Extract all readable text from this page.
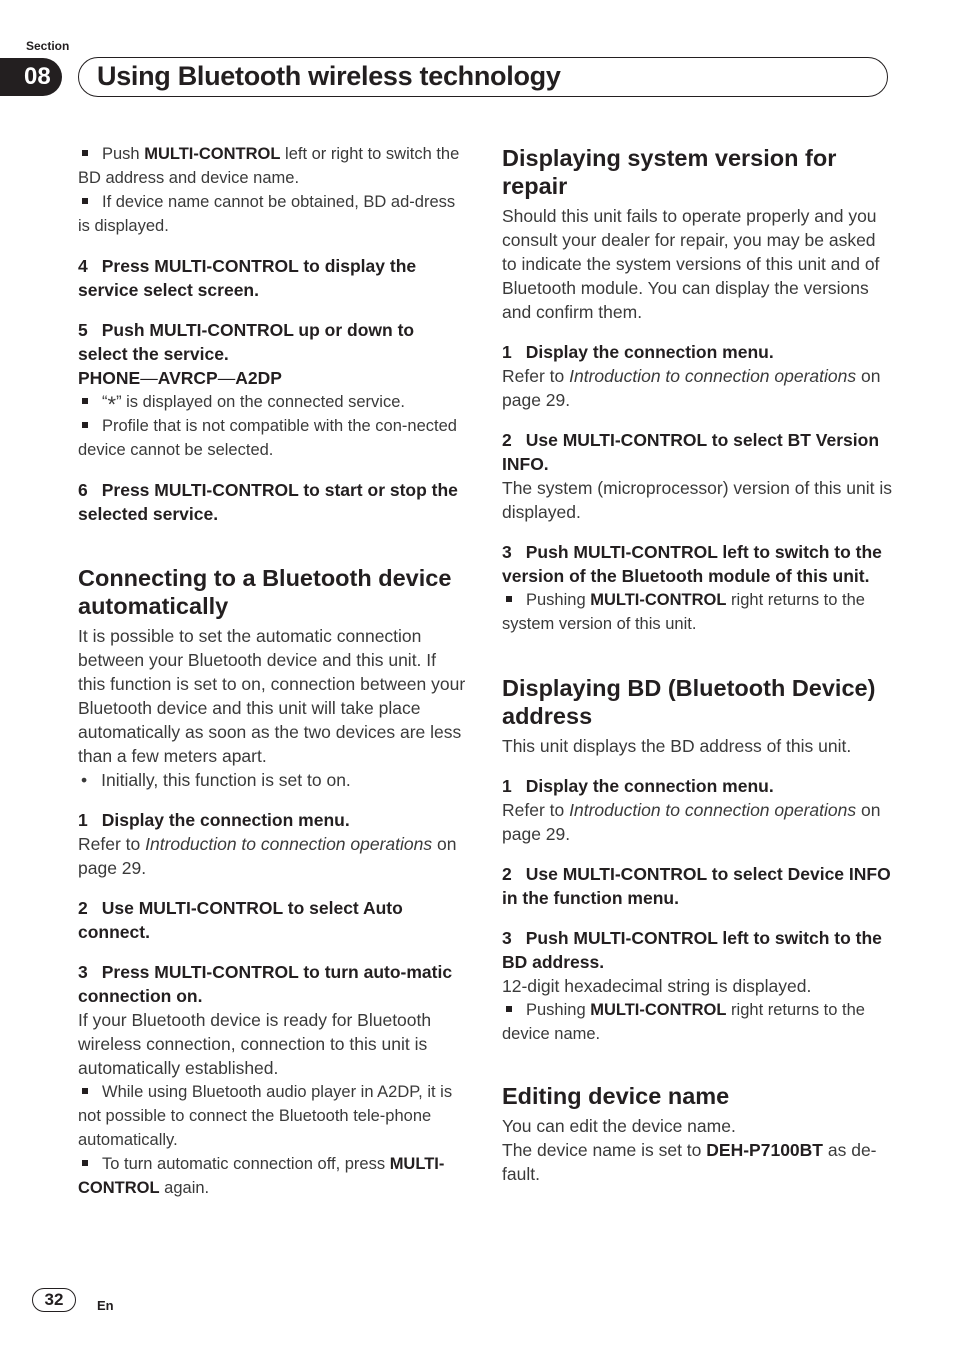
Section
08	Using Bluetooth wireless technology

Push MULTI-CONTROL left or right to switch the BD address and device name.

If device name cannot be obtained, BD ad-dress is displayed.

4 Press MULTI-CONTROL to display the service select screen.

5 Push MULTI-CONTROL up or down to select the service.

PHONE—AVRCP—A2DP

“*” is displayed on the connected service.

Profile that is not compatible with the con-nected device cannot be selected.

6 Press MULTI-CONTROL to start or stop the selected service.

Connecting to a Bluetooth device automatically

It is possible to set the automatic connection between your Bluetooth device and this unit. If this function is set to on, connection between your Bluetooth device and this unit will take place automatically as soon as the two devices are less than a few meters apart.

• Initially, this function is set to on.

1 Display the connection menu.

Refer to Introduction to connection operations on page 29.

2 Use MULTI-CONTROL to select Auto connect.

3 Press MULTI-CONTROL to turn auto-matic connection on.

If your Bluetooth device is ready for Bluetooth wireless connection, connection to this unit is automatically established.

While using Bluetooth audio player in A2DP, it is not possible to connect the Bluetooth tele-phone automatically.

To turn automatic connection off, press MULTI-CONTROL again.

Displaying system version for repair

Should this unit fails to operate properly and you consult your dealer for repair, you may be asked to indicate the system versions of this unit and of Bluetooth module. You can display the versions and confirm them.

1 Display the connection menu.

Refer to Introduction to connection operations on page 29.

2 Use MULTI-CONTROL to select BT Version INFO.

The system (microprocessor) version of this unit is displayed.

3 Push MULTI-CONTROL left to switch to the version of the Bluetooth module of this unit.

Pushing MULTI-CONTROL right returns to the system version of this unit.

Displaying BD (Bluetooth Device) address

This unit displays the BD address of this unit.

1 Display the connection menu.

Refer to Introduction to connection operations on page 29.

2 Use MULTI-CONTROL to select Device INFO in the function menu.

3 Push MULTI-CONTROL left to switch to the BD address.

12-digit hexadecimal string is displayed.

Pushing MULTI-CONTROL right returns to the device name.

Editing device name

You can edit the device name.

The device name is set to DEH-P7100BT as de-fault.

32	En
